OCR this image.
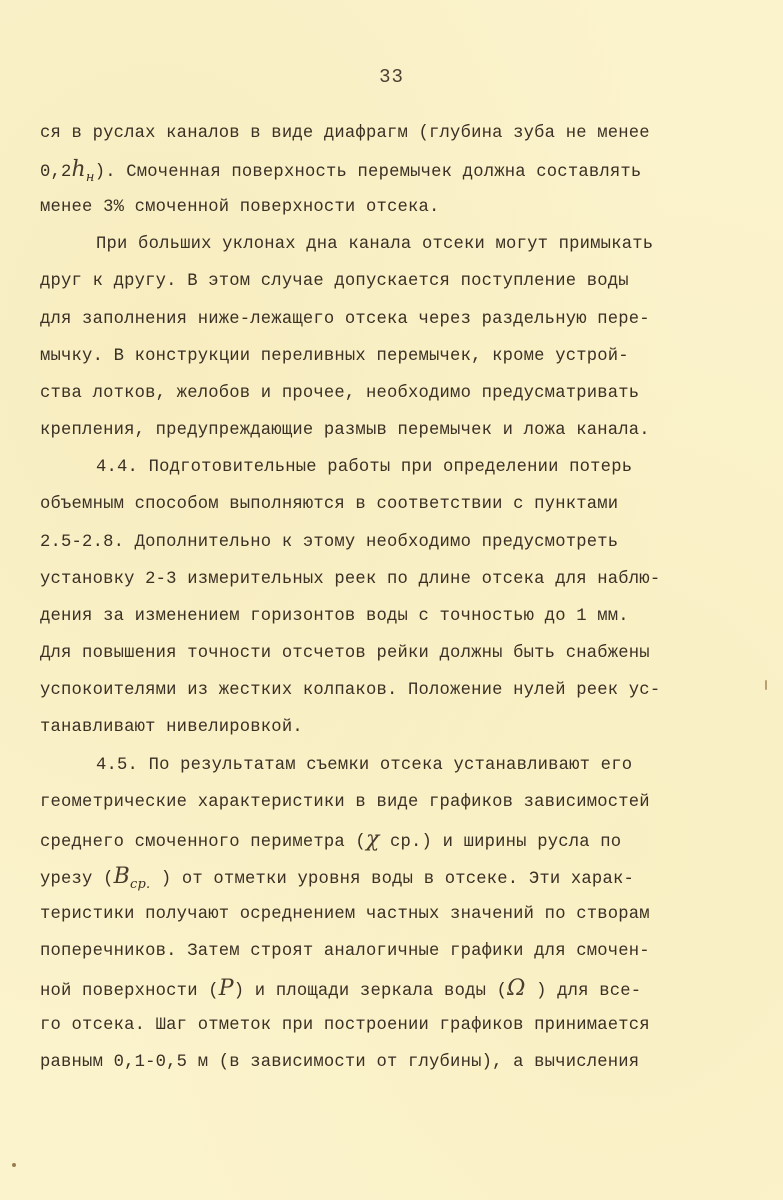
33
ся в руслах каналов в виде диафрагм (глубина зуба не менее
$0,2h_н$). Смоченная поверхность перемычек должна составлять
менее 3% смоченной поверхности отсека.
При больших уклонах дна канала отсеки могут примыкать
друг к другу. В этом случае допускается поступление воды
для заполнения ниже-лежащего отсека через раздельную пере-
мычку. В конструкции переливных перемычек, кроме устрой-
ства лотков, желобов и прочее, необходимо предусматривать
крепления, предупреждающие размыв перемычек и ложа канала.
4.4. Подготовительные работы при определении потерь
объемным способом выполняются в соответствии с пунктами
2.5-2.8. Дополнительно к этому необходимо предусмотреть
установку 2-3 измерительных реек по длине отсека для наблю-
дения за изменением горизонтов воды с точностью до 1 мм.
Для повышения точности отсчетов рейки должны быть снабжены
успокоителями из жестких колпаков. Положение нулей реек ус-
танавливают нивелировкой.
4.5. По результатам съемки отсека устанавливают его
геометрические характеристики в виде графиков зависимостей
среднего смоченного периметра (χ ср.) и ширины русла по
урезу ($B_{ср.}$ ) от отметки уровня воды в отсеке. Эти харак-
теристики получают осреднением частных значений по створам
поперечников. Затем строят аналогичные графики для смочен-
ной поверхности (P) и площади зеркала воды (Ω ) для все-
го отсека. Шаг отметок при построении графиков принимается
равным 0,1-0,5 м (в зависимости от глубины), а вычисления
